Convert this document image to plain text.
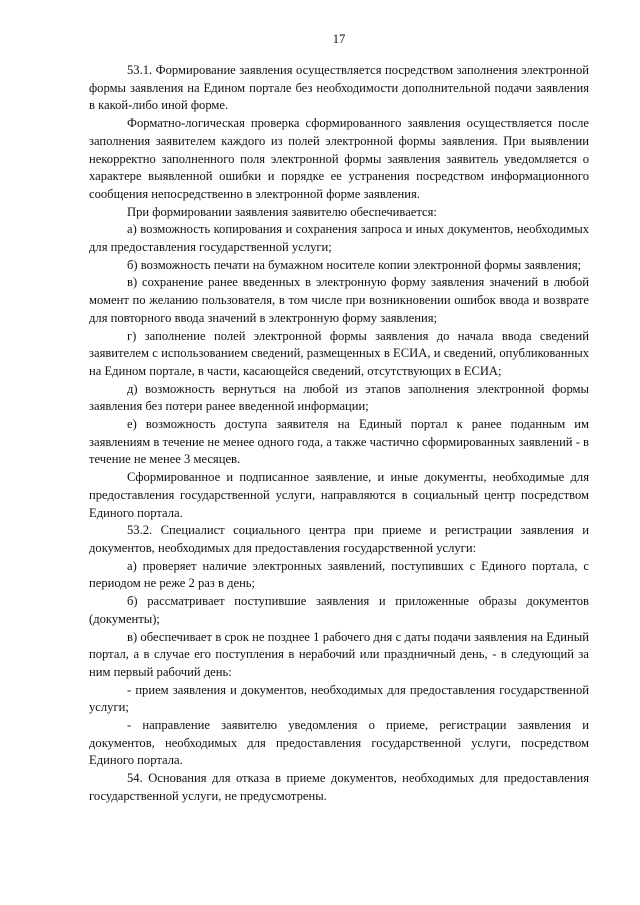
17

53.1. Формирование заявления осуществляется посредством заполнения электронной формы заявления на Едином портале без необходимости дополнительной подачи заявления в какой-либо иной форме.

Форматно-логическая проверка сформированного заявления осуществляется после заполнения заявителем каждого из полей электронной формы заявления. При выявлении некорректно заполненного поля электронной формы заявления заявитель уведомляется о характере выявленной ошибки и порядке ее устранения посредством информационного сообщения непосредственно в электронной форме заявления.

При формировании заявления заявителю обеспечивается:

а) возможность копирования и сохранения запроса и иных документов, необходимых для предоставления государственной услуги;

б) возможность печати на бумажном носителе копии электронной формы заявления;

в) сохранение ранее введенных в электронную форму заявления значений в любой момент по желанию пользователя, в том числе при возникновении ошибок ввода и возврате для повторного ввода значений в электронную форму заявления;

г) заполнение полей электронной формы заявления до начала ввода сведений заявителем с использованием сведений, размещенных в ЕСИА, и сведений, опубликованных на Едином портале, в части, касающейся сведений, отсутствующих в ЕСИА;

д) возможность вернуться на любой из этапов заполнения электронной формы заявления без потери ранее введенной информации;

е) возможность доступа заявителя на Единый портал к ранее поданным им заявлениям в течение не менее одного года, а также частично сформированных заявлений - в течение не менее 3 месяцев.

Сформированное и подписанное заявление, и иные документы, необходимые для предоставления государственной услуги, направляются в социальный центр посредством Единого портала.

53.2. Специалист социального центра при приеме и регистрации заявления и документов, необходимых для предоставления государственной услуги:

а) проверяет наличие электронных заявлений, поступивших с Единого портала, с периодом не реже 2 раз в день;

б) рассматривает поступившие заявления и приложенные образы документов (документы);

в) обеспечивает в срок не позднее 1 рабочего дня с даты подачи заявления на Единый портал, а в случае его поступления в нерабочий или праздничный день, - в следующий за ним первый рабочий день:

- прием заявления и документов, необходимых для предоставления государственной услуги;

- направление заявителю уведомления о приеме, регистрации заявления и документов, необходимых для предоставления государственной услуги, посредством Единого портала.

54. Основания для отказа в приеме документов, необходимых для предоставления государственной услуги, не предусмотрены.
